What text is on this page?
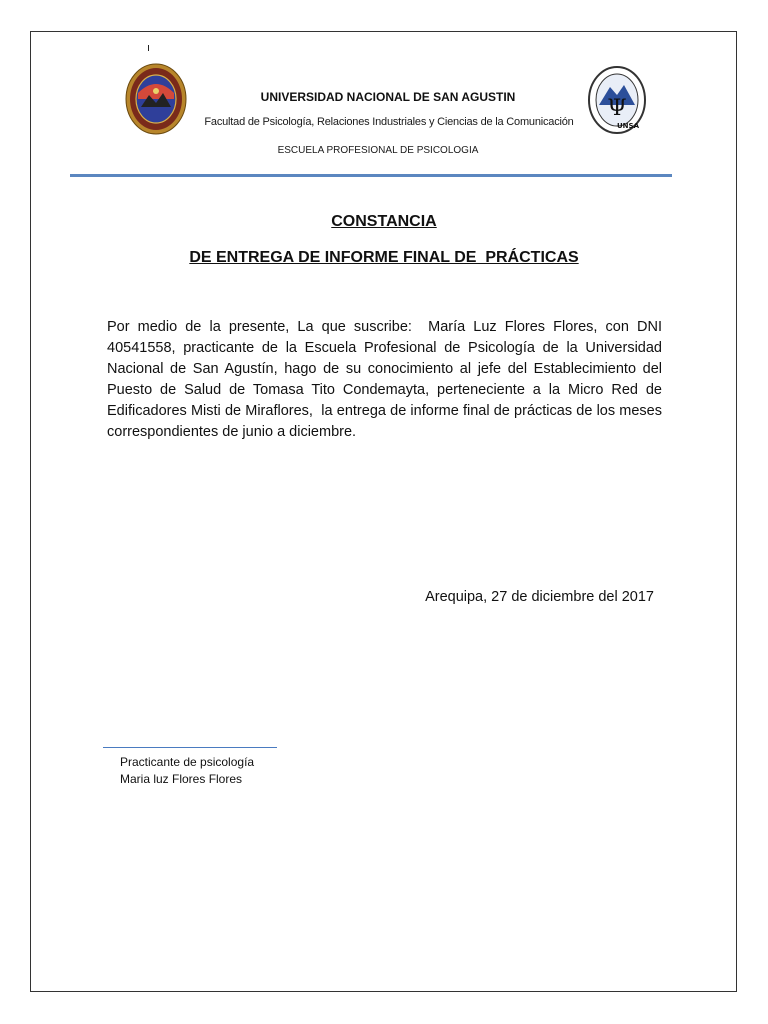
UNIVERSIDAD NACIONAL DE SAN AGUSTIN
Facultad de Psicología, Relaciones Industriales y Ciencias de la Comunicación
ESCUELA PROFESIONAL DE PSICOLOGIA
Ψ
UNSA
CONSTANCIA
DE ENTREGA DE INFORME FINAL DE  PRÁCTICAS
Por medio de la presente, La que suscribe:  María Luz Flores Flores, con DNI 40541558, practicante de la Escuela Profesional de Psicología de la Universidad Nacional de San Agustín, hago de su conocimiento al jefe del Establecimiento del Puesto de Salud de Tomasa Tito Condemayta, perteneciente a la Micro Red de Edificadores Misti de Miraflores,  la entrega de informe final de prácticas de los meses correspondientes de junio a diciembre.
Arequipa, 27 de diciembre del 2017
Practicante de psicología
Maria luz Flores Flores
